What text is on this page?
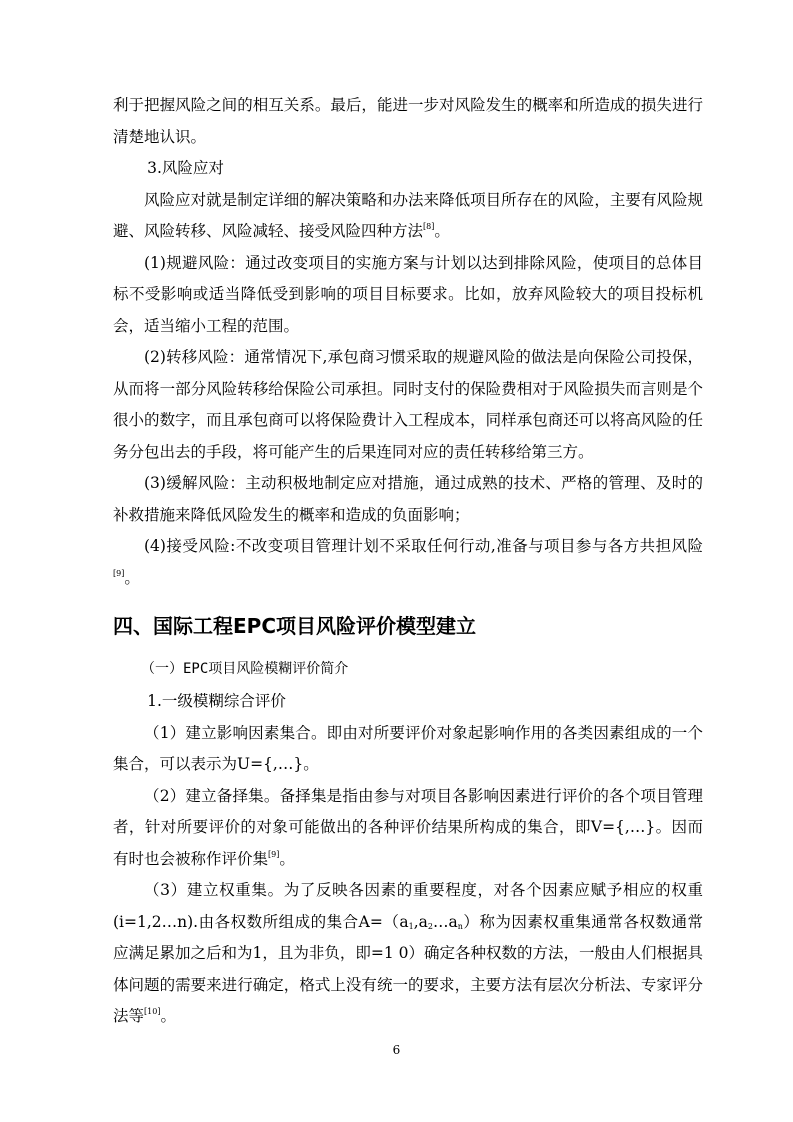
利于把握风险之间的相互关系。最后，能进一步对风险发生的概率和所造成的损失进行清楚地认识。

3.风险应对

风险应对就是制定详细的解决策略和办法来降低项目所存在的风险，主要有风险规避、风险转移、风险减轻、接受风险四种方法[8]。

(1)规避风险：通过改变项目的实施方案与计划以达到排除风险，使项目的总体目标不受影响或适当降低受到影响的项目目标要求。比如，放弃风险较大的项目投标机会，适当缩小工程的范围。

(2)转移风险：通常情况下,承包商习惯采取的规避风险的做法是向保险公司投保，从而将一部分风险转移给保险公司承担。同时支付的保险费相对于风险损失而言则是个很小的数字，而且承包商可以将保险费计入工程成本，同样承包商还可以将高风险的任务分包出去的手段，将可能产生的后果连同对应的责任转移给第三方。

(3)缓解风险：主动积极地制定应对措施，通过成熟的技术、严格的管理、及时的补救措施来降低风险发生的概率和造成的负面影响；

(4)接受风险:不改变项目管理计划不采取任何行动,准备与项目参与各方共担风险[9]。

四、国际工程EPC项目风险评价模型建立

（一）EPC项目风险模糊评价简介

1.一级模糊综合评价

（1）建立影响因素集合。即由对所要评价对象起影响作用的各类因素组成的一个集合，可以表示为U={,…}。

（2）建立备择集。备择集是指由参与对项目各影响因素进行评价的各个项目管理者，针对所要评价的对象可能做出的各种评价结果所构成的集合，即V={,…}。因而有时也会被称作评价集[9]。

（3）建立权重集。为了反映各因素的重要程度，对各个因素应赋予相应的权重(i=1,2…n).由各权数所组成的集合$A=(a_1,a_2\dots a_n)$称为因素权重集通常各权数通常应满足累加之后和为1，且为非负，即=1 0）确定各种权数的方法，一般由人们根据具体问题的需要来进行确定，格式上没有统一的要求，主要方法有层次分析法、专家评分法等[10]。

6
